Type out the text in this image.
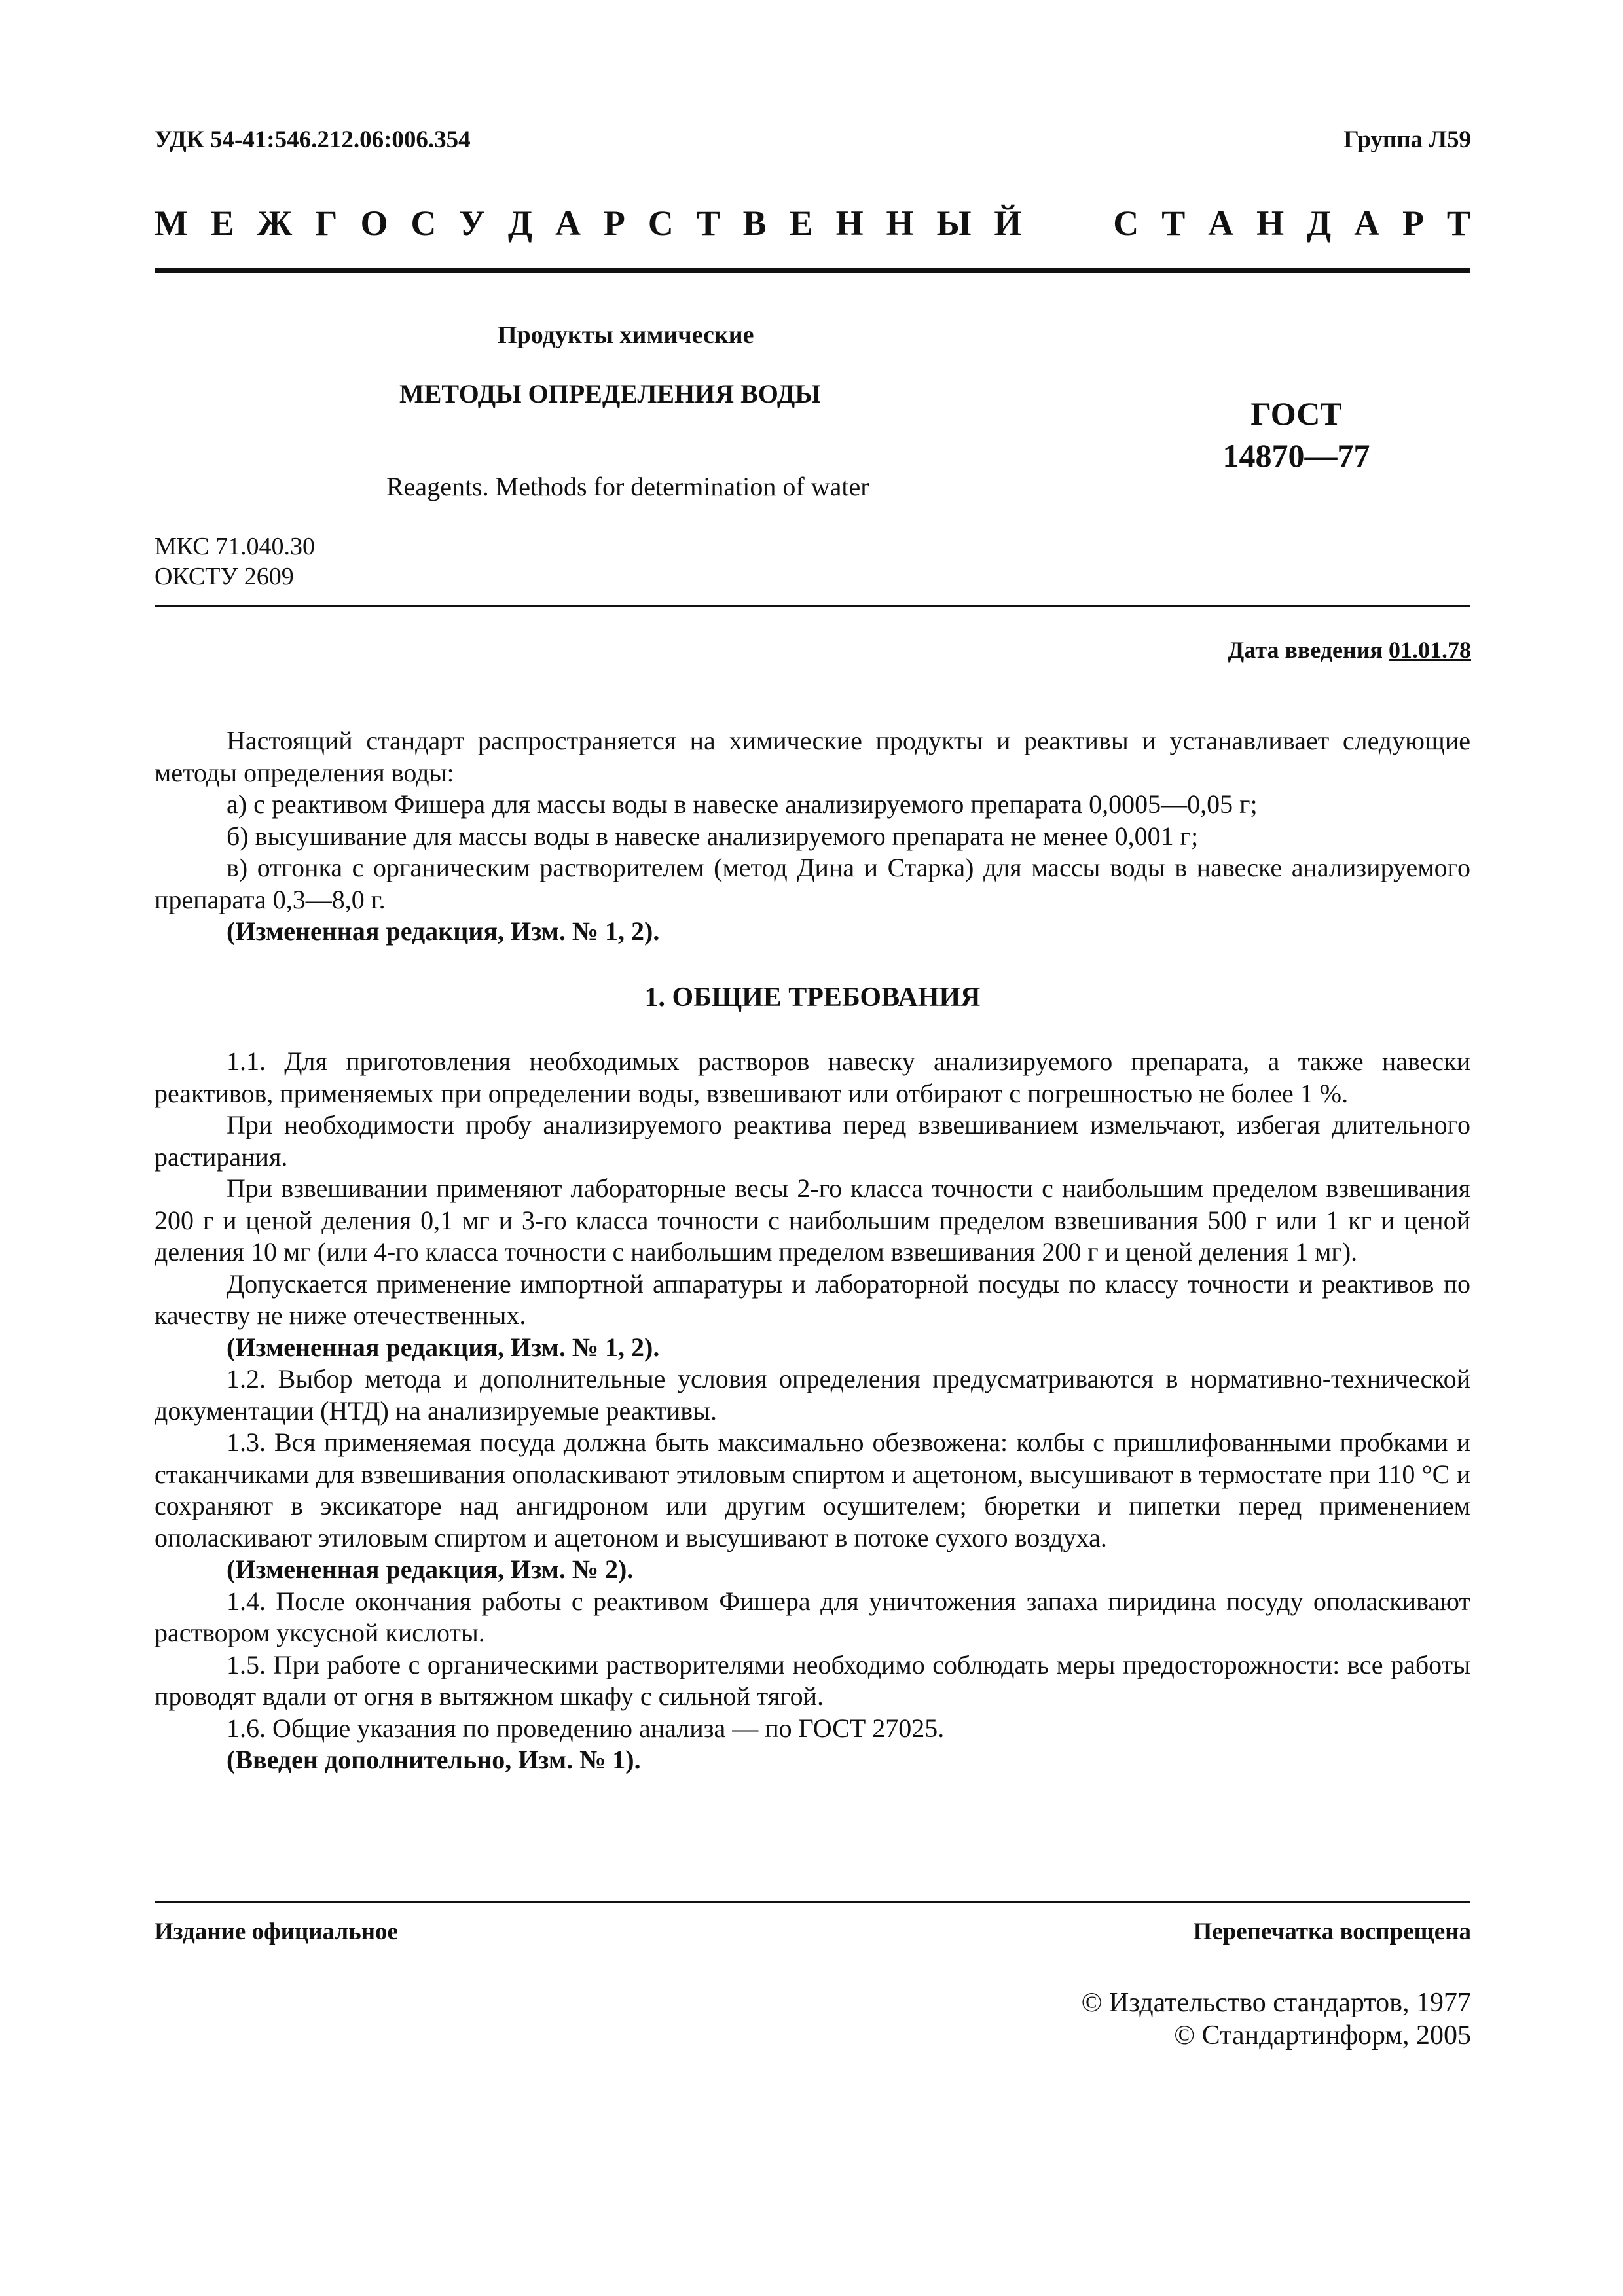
УДК 54-41:546.212.06:006.354	Группа Л59
М Е Ж Г О С У Д А Р С Т В Е Н Н Ы Й	С Т А Н Д А Р Т
Продукты химические
МЕТОДЫ ОПРЕДЕЛЕНИЯ ВОДЫ
Reagents. Methods for determination of water
ГОСТ
14870—77
МКС 71.040.30
ОКСТУ 2609
Дата введения 01.01.78

Настоящий стандарт распространяется на химические продукты и реактивы и устанавливает следующие методы определения воды:

а) с реактивом Фишера для массы воды в навеске анализируемого препарата 0,0005—0,05 г;

б) высушивание для массы воды в навеске анализируемого препарата не менее 0,001 г;

в) отгонка с органическим растворителем (метод Дина и Старка) для массы воды в навеске анализируемого препарата 0,3—8,0 г.

(Измененная редакция, Изм. № 1, 2).

1. ОБЩИЕ ТРЕБОВАНИЯ

1.1. Для приготовления необходимых растворов навеску анализируемого препарата, а также навески реактивов, применяемых при определении воды, взвешивают или отбирают с погрешностью не более 1 %.

При необходимости пробу анализируемого реактива перед взвешиванием измельчают, избегая длительного растирания.

При взвешивании применяют лабораторные весы 2-го класса точности с наибольшим пределом взвешивания 200 г и ценой деления 0,1 мг и 3-го класса точности с наибольшим пределом взвешивания 500 г или 1 кг и ценой деления 10 мг (или 4-го класса точности с наибольшим пределом взвешивания 200 г и ценой деления 1 мг).

Допускается применение импортной аппаратуры и лабораторной посуды по классу точности и реактивов по качеству не ниже отечественных.

(Измененная редакция, Изм. № 1, 2).

1.2. Выбор метода и дополнительные условия определения предусматриваются в нормативно-технической документации (НТД) на анализируемые реактивы.

1.3. Вся применяемая посуда должна быть максимально обезвожена: колбы с пришлифованными пробками и стаканчиками для взвешивания ополаскивают этиловым спиртом и ацетоном, высушивают в термостате при 110 °С и сохраняют в эксикаторе над ангидроном или другим осушителем; бюретки и пипетки перед применением ополаскивают этиловым спиртом и ацетоном и высушивают в потоке сухого воздуха.

(Измененная редакция, Изм. № 2).

1.4. После окончания работы с реактивом Фишера для уничтожения запаха пиридина посуду ополаскивают раствором уксусной кислоты.

1.5. При работе с органическими растворителями необходимо соблюдать меры предосторожности: все работы проводят вдали от огня в вытяжном шкафу с сильной тягой.

1.6. Общие указания по проведению анализа — по ГОСТ 27025.

(Введен дополнительно, Изм. № 1).

Издание официальное	Перепечатка воспрещена
© Издательство стандартов, 1977
© Стандартинформ, 2005
